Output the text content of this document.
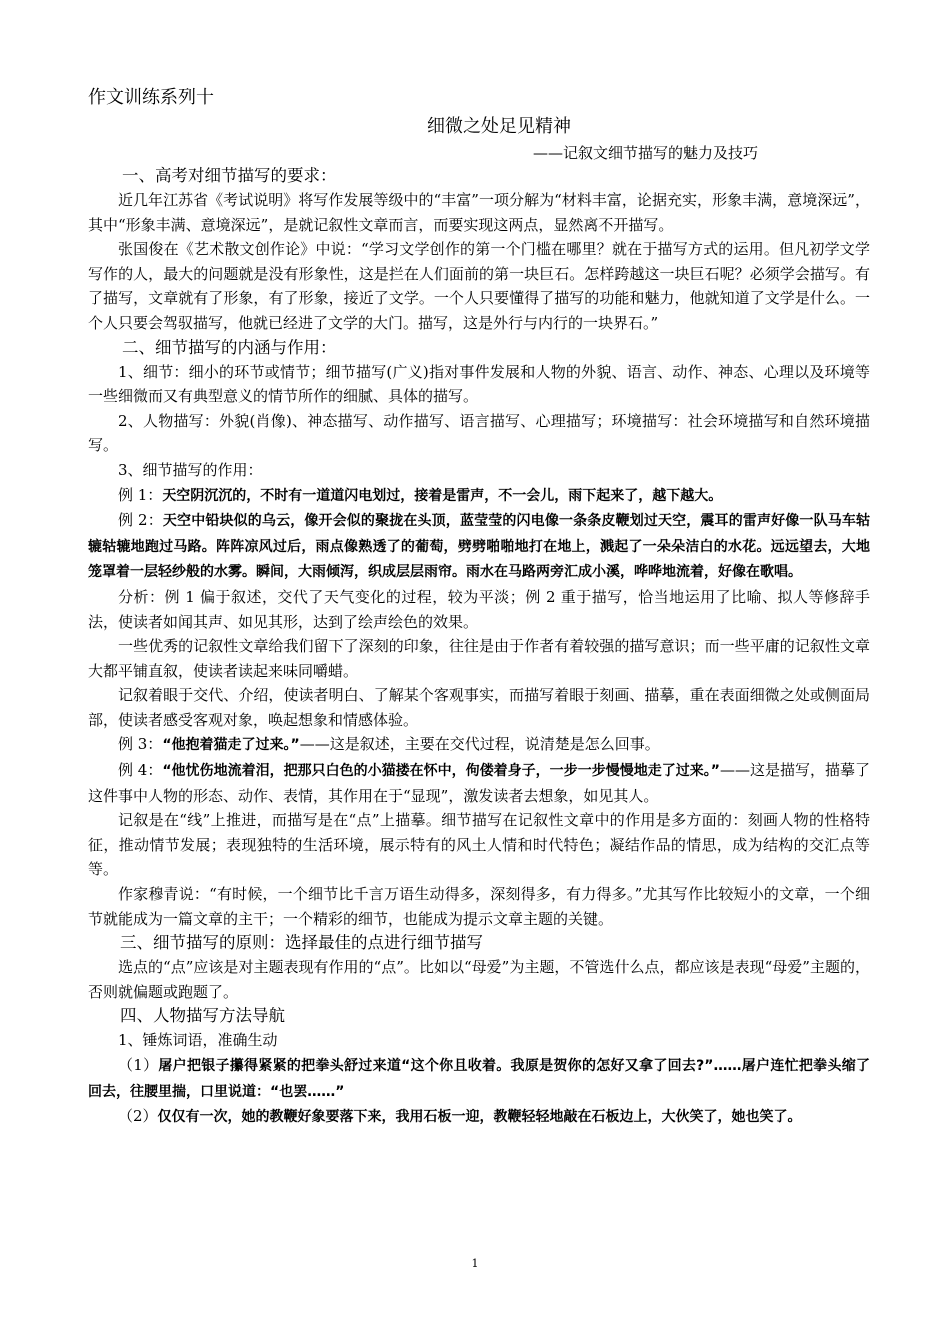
作文训练系列十
细微之处足见精神
——记叙文细节描写的魅力及技巧
一、高考对细节描写的要求：

近几年江苏省《考试说明》将写作发展等级中的“丰富”一项分解为“材料丰富，论据充实，形象丰满，意境深远”，其中“形象丰满、意境深远”，是就记叙性文章而言，而要实现这两点，显然离不开描写。

张国俊在《艺术散文创作论》中说：“学习文学创作的第一个门槛在哪里？就在于描写方式的运用。但凡初学文学写作的人，最大的问题就是没有形象性，这是拦在人们面前的第一块巨石。怎样跨越这一块巨石呢？必须学会描写。有了描写，文章就有了形象，有了形象，接近了文学。一个人只要懂得了描写的功能和魅力，他就知道了文学是什么。一个人只要会驾驭描写，他就已经进了文学的大门。描写，这是外行与内行的一块界石。”

二、细节描写的内涵与作用：

1、细节：细小的环节或情节；细节描写(广义)指对事件发展和人物的外貌、语言、动作、神态、心理以及环境等一些细微而又有典型意义的情节所作的细腻、具体的描写。

2、人物描写：外貌(肖像)、神态描写、动作描写、语言描写、心理描写；环境描写：社会环境描写和自然环境描写。

3、细节描写的作用：

例 1：天空阴沉沉的，不时有一道道闪电划过，接着是雷声，不一会儿，雨下起来了，越下越大。

例 2：天空中铅块似的乌云，像开会似的聚拢在头顶，蓝莹莹的闪电像一条条皮鞭划过天空，震耳的雷声好像一队马车轱辘轱辘地跑过马路。阵阵凉风过后，雨点像熟透了的葡萄，劈劈啪啪地打在地上，溅起了一朵朵洁白的水花。远远望去，大地笼罩着一层轻纱般的水雾。瞬间，大雨倾泻，织成层层雨帘。雨水在马路两旁汇成小溪，哗哗地流着，好像在歌唱。

分析：例 1 偏于叙述，交代了天气变化的过程，较为平淡；例 2 重于描写，恰当地运用了比喻、拟人等修辞手法，使读者如闻其声、如见其形，达到了绘声绘色的效果。

一些优秀的记叙性文章给我们留下了深刻的印象，往往是由于作者有着较强的描写意识；而一些平庸的记叙性文章大都平铺直叙，使读者读起来味同嚼蜡。

记叙着眼于交代、介绍，使读者明白、了解某个客观事实，而描写着眼于刻画、描摹，重在表面细微之处或侧面局部，使读者感受客观对象，唤起想象和情感体验。

例 3：“他抱着猫走了过来。”——这是叙述，主要在交代过程，说清楚是怎么回事。

例 4：“他忧伤地流着泪，把那只白色的小猫搂在怀中，佝偻着身子，一步一步慢慢地走了过来。”——这是描写，描摹了这件事中人物的形态、动作、表情，其作用在于“显现”，激发读者去想象，如见其人。

记叙是在“线”上推进，而描写是在“点”上描摹。细节描写在记叙性文章中的作用是多方面的：刻画人物的性格特征，推动情节发展；表现独特的生活环境，展示特有的风土人情和时代特色；凝结作品的情思，成为结构的交汇点等等。

作家穆青说：“有时候，一个细节比千言万语生动得多，深刻得多，有力得多。”尤其写作比较短小的文章，一个细节就能成为一篇文章的主干；一个精彩的细节，也能成为提示文章主题的关键。

三、细节描写的原则：选择最佳的点进行细节描写

选点的“点”应该是对主题表现有作用的“点”。比如以“母爱”为主题，不管选什么点，都应该是表现“母爱”主题的，否则就偏题或跑题了。

四、人物描写方法导航

1、锤炼词语，准确生动

（1）屠户把银子攥得紧紧的把拳头舒过来道“这个你且收着。我原是贺你的怎好又拿了回去?”……屠户连忙把拳头缩了回去，往腰里揣，口里说道：“也罢……”

（2）仅仅有一次，她的教鞭好象要落下来，我用石板一迎，教鞭轻轻地敲在石板边上，大伙笑了，她也笑了。

1
